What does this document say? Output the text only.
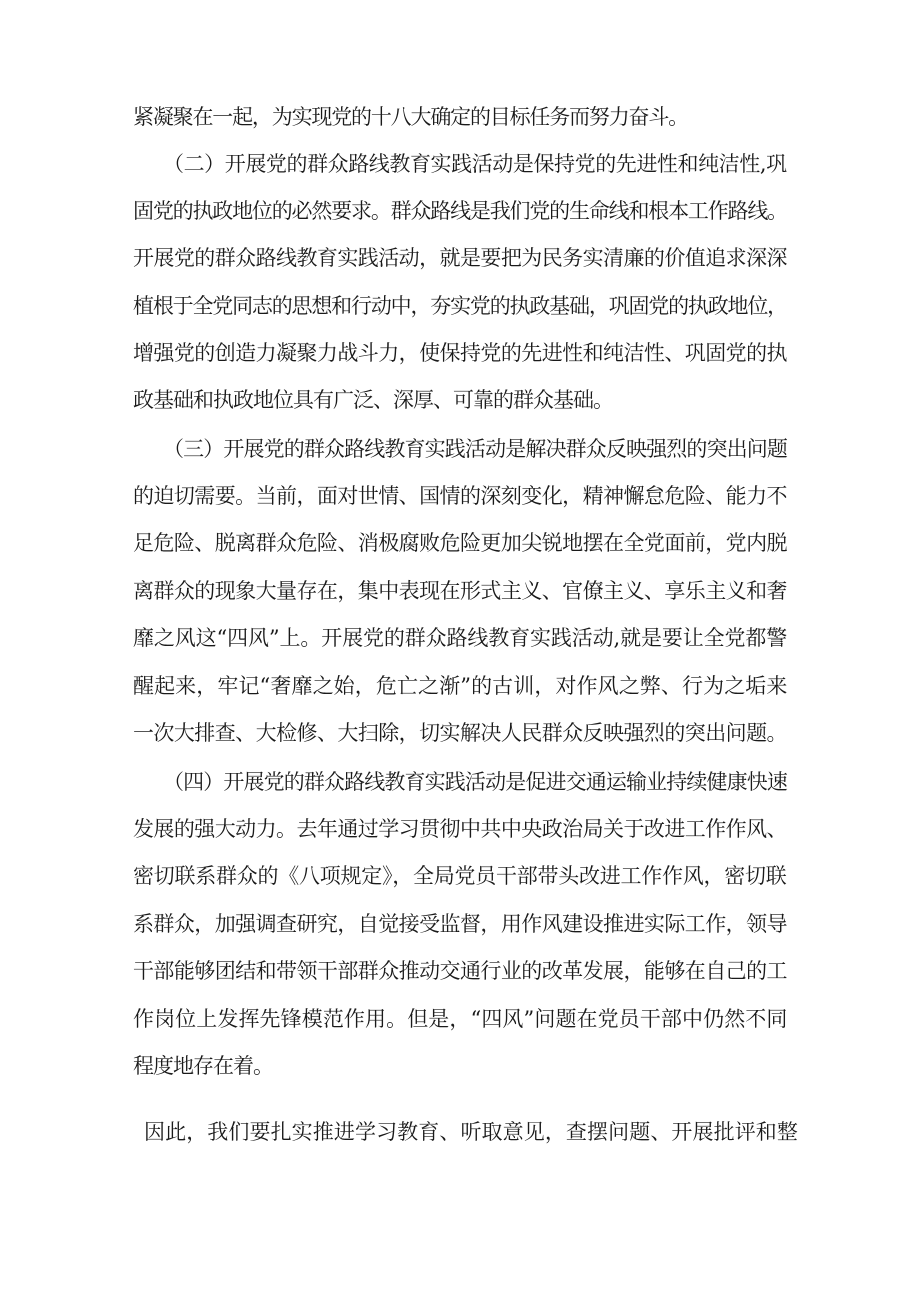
紧凝聚在一起，为实现党的十八大确定的目标任务而努力奋斗。
（二）开展党的群众路线教育实践活动是保持党的先进性和纯洁性,巩
固党的执政地位的必然要求。群众路线是我们党的生命线和根本工作路线。
开展党的群众路线教育实践活动，就是要把为民务实清廉的价值追求深深
植根于全党同志的思想和行动中，夯实党的执政基础，巩固党的执政地位，
增强党的创造力凝聚力战斗力，使保持党的先进性和纯洁性、巩固党的执
政基础和执政地位具有广泛、深厚、可靠的群众基础。
（三）开展党的群众路线教育实践活动是解决群众反映强烈的突出问题
的迫切需要。当前，面对世情、国情的深刻变化，精神懈怠危险、能力不
足危险、脱离群众危险、消极腐败危险更加尖锐地摆在全党面前，党内脱
离群众的现象大量存在，集中表现在形式主义、官僚主义、享乐主义和奢
靡之风这“四风”上。开展党的群众路线教育实践活动,就是要让全党都警
醒起来，牢记“奢靡之始，危亡之渐”的古训，对作风之弊、行为之垢来
一次大排查、大检修、大扫除，切实解决人民群众反映强烈的突出问题。
（四）开展党的群众路线教育实践活动是促进交通运输业持续健康快速
发展的强大动力。去年通过学习贯彻中共中央政治局关于改进工作作风、
密切联系群众的《八项规定》，全局党员干部带头改进工作作风，密切联
系群众，加强调查研究，自觉接受监督，用作风建设推进实际工作，领导
干部能够团结和带领干部群众推动交通行业的改革发展，能够在自己的工
作岗位上发挥先锋模范作用。但是，“四风”问题在党员干部中仍然不同
程度地存在着。
因此，我们要扎实推进学习教育、听取意见，查摆问题、开展批评和整
